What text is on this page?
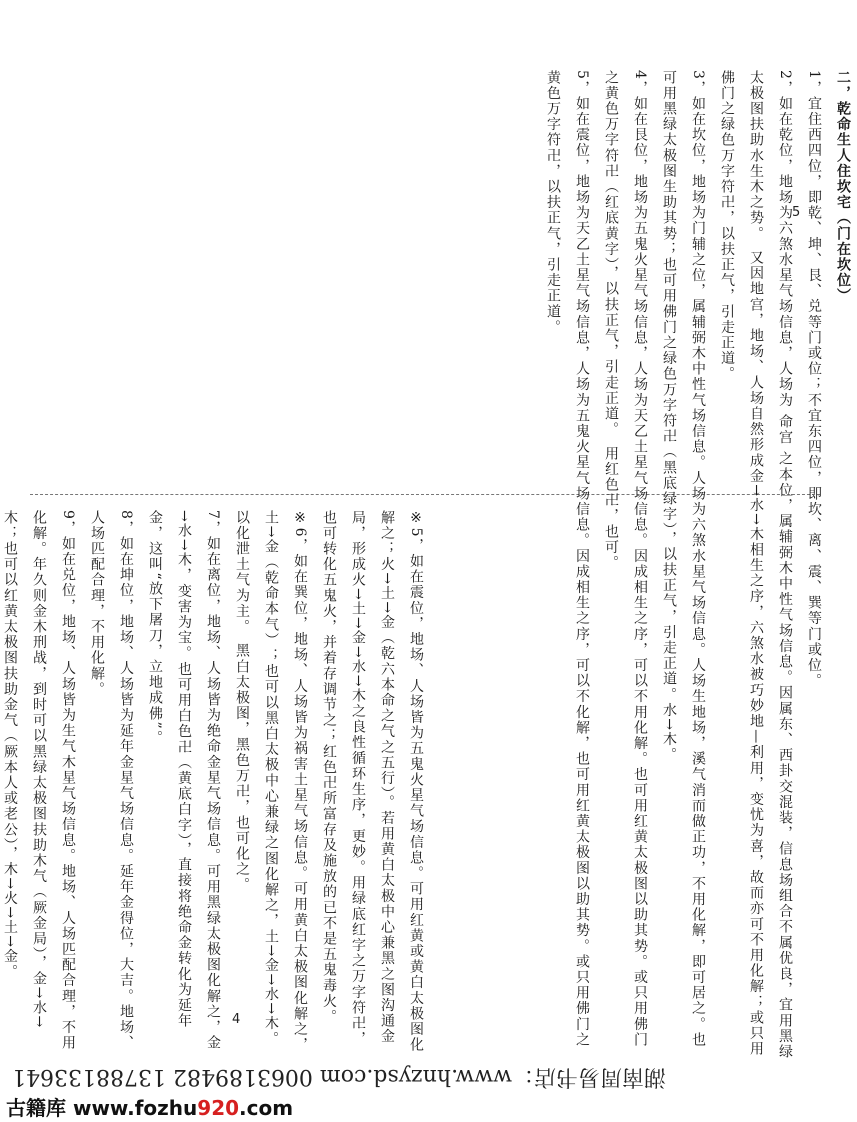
※5，如在震位，地场、人场皆为五鬼火星气场信息。可用红黄或黄白太极图化解之；火→土→金（乾六本命之气之五行）。若用黄白太极中心兼黑之图沟通金局，形成火→土→金→水→木之良性循环生序，更妙。用绿底红字之万字符卍，也可转化五鬼火，并着存调节之；红色卍所富存及施放的已不是五鬼毒火。

※6，如在巽位，地场、人场皆为祸害土星气场信息。可用黄白太极图化解之，土→金（乾命本气）；也可以黑白太极中心兼绿之图化解之，土→金→水→木。以化泄土气为主。　黑白太极图，黑色万卍，也可化之。

7，如在离位，地场、人场皆为绝命金星气场信息。可用黑绿太极图化解之，金→水→木，变害为宝。也可用白色卍（黄底白字），直接将绝命金转化为延年金，这叫“放下屠刀，立地成佛”。

8，如在坤位，地场、人场皆为延年金星气场信息。延年金得位，大吉。地场、人场匹配合理，不用化解。

9，如在兑位，地场、人场皆为生气木星气场信息。地场、人场匹配合理，不用化解。年久则金木刑战，到时可以黑绿太极图扶助木气（厥金局），金→水→木；也可以红黄太极图扶助金气（厥本人或老公），木→火→土→金。

4

二，乾命生人住坎宅（门在坎位）

1，宜住西四位，即乾、坤、艮、兑等门或位；不宜东四位，即坎、离、震、巽等门或位。

2，如在乾位，地场为六煞水星气场信息，人场为 命宫 之本位，属辅弼木中性气场信息。因属东、西卦交混装，信息场组合不属优良，宜用黑绿太极图扶助水生木之势。　又因地宫，地场、人场自然形成金→水→木相生之序，六煞水被巧妙地—利用，变忧为喜，故而亦可不用化解；或只用佛门之绿色万字符卍，以扶正气，引走正道。

3，如在坎位，地场为门辅之位，属辅弼木中性气场信息。人场为六煞水星气场信息。人场生地场，溪气消而做正功，不用化解，即可居之。也可用黑绿太极图生助其势；也可用佛门之绿色万字符卍（黑底绿字），以扶正气，引走正道。水→木。

4，如在艮位，地场为五鬼火星气场信息，人场为天乙土星气场信息。因成相生之序，可以不用化解。也可用红黄太极图以助其势。或只用佛门之黄色万字符卍（红底黄字），以扶正气，引走正道。　用红色卍，也可。

5，如在震位，地场为天乙土星气场信息，人场为五鬼火星气场信息。因成相生之序，可以不化解，也可用红黄太极图以助其势。或只用佛门之黄色万字符卍，以扶正气，引走正道。	5
湖南周易书店：www.hnzysd.com 0063189482 13788133641
古籍库 www.fozhu920.com
